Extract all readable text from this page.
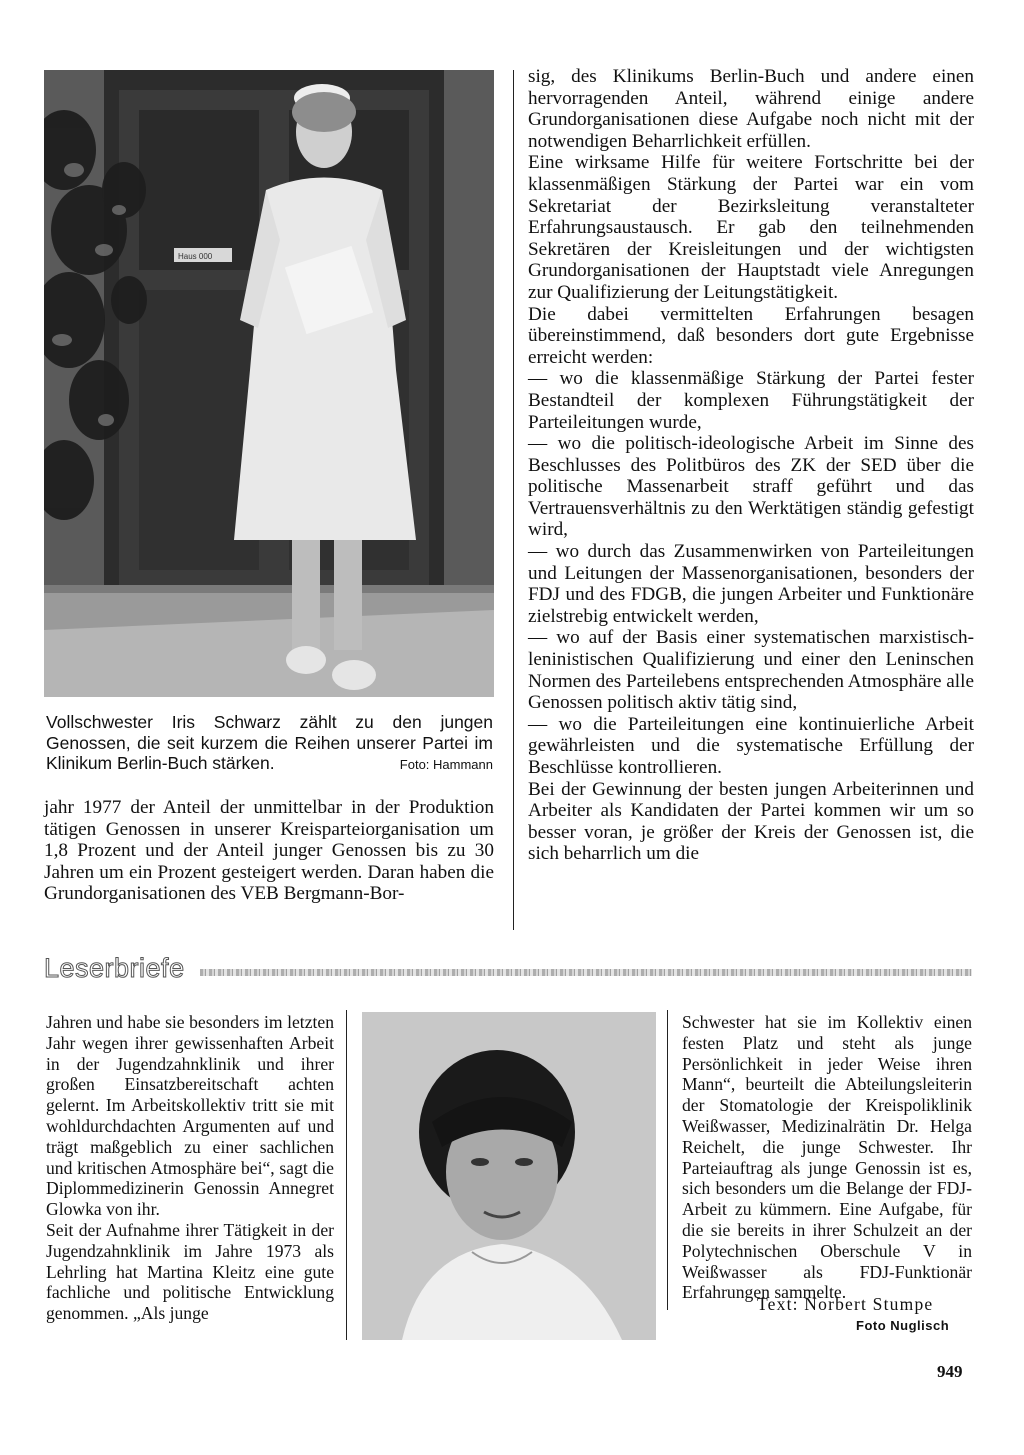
Haus 000
Vollschwester Iris Schwarz zählt zu den jungen Genossen, die seit kurzem die Reihen unserer Partei im Klinikum Berlin-Buch stärken.	Foto: Hammann

jahr 1977 der Anteil der unmittelbar in der Produktion tätigen Genossen in unserer Kreisparteiorganisation um 1,8 Prozent und der Anteil junger Genossen bis zu 30 Jahren um ein Prozent gesteigert werden. Daran haben die Grundorganisationen des VEB Bergmann-Bor-

sig, des Klinikums Berlin-Buch und andere einen hervorragenden Anteil, während einige andere Grundorganisationen diese Aufgabe noch nicht mit der notwendigen Beharrlichkeit erfüllen.

Eine wirksame Hilfe für weitere Fortschritte bei der klassenmäßigen Stärkung der Partei war ein vom Sekretariat der Bezirksleitung veranstalteter Erfahrungsaustausch. Er gab den teilnehmenden Sekretären der Kreisleitungen und der wichtigsten Grundorganisationen der Hauptstadt viele Anregungen zur Qualifizierung der Leitungstätigkeit.

Die dabei vermittelten Erfahrungen besagen übereinstimmend, daß besonders dort gute Ergebnisse erreicht werden:

— wo die klassenmäßige Stärkung der Partei fester Bestandteil der komplexen Führungstätigkeit der Parteileitungen wurde,

— wo die politisch-ideologische Arbeit im Sinne des Beschlusses des Politbüros des ZK der SED über die politische Massenarbeit straff geführt und das Vertrauensverhältnis zu den Werktätigen ständig gefestigt wird,

— wo durch das Zusammenwirken von Parteileitungen und Leitungen der Massenorganisationen, besonders der FDJ und des FDGB, die jungen Arbeiter und Funktionäre zielstrebig entwickelt werden,

— wo auf der Basis einer systematischen marxistisch-leninistischen Qualifizierung und einer den Leninschen Normen des Parteilebens entsprechenden Atmosphäre alle Genossen politisch aktiv tätig sind,

— wo die Parteileitungen eine kontinuierliche Arbeit gewährleisten und die systematische Erfüllung der Beschlüsse kontrollieren.

Bei der Gewinnung der besten jungen Arbeiterinnen und Arbeiter als Kandidaten der Partei kommen wir um so besser voran, je größer der Kreis der Genossen ist, die sich beharrlich um die

Leserbriefe

Jahren und habe sie besonders im letzten Jahr wegen ihrer gewissenhaften Arbeit in der Jugendzahnklinik und ihrer großen Einsatzbereitschaft achten gelernt. Im Arbeitskollektiv tritt sie mit wohldurchdachten Argumenten auf und trägt maßgeblich zu einer sachlichen und kritischen Atmosphäre bei“, sagt die Diplommedizinerin Genossin Annegret Glowka von ihr.

Seit der Aufnahme ihrer Tätigkeit in der Jugendzahnklinik im Jahre 1973 als Lehrling hat Martina Kleitz eine gute fachliche und politische Entwicklung genommen. „Als junge

Schwester hat sie im Kollektiv einen festen Platz und steht als junge Persönlichkeit in jeder Weise ihren Mann“, beurteilt die Abteilungsleiterin der Stomatologie der Kreispoliklinik Weißwasser, Medizinalrätin Dr. Helga Reichelt, die junge Schwester. Ihr Parteiauftrag als junge Genossin ist es, sich besonders um die Belange der FDJ-Arbeit zu kümmern. Eine Aufgabe, für die sie bereits in ihrer Schulzeit an der Polytechnischen Oberschule V in Weißwasser als FDJ-Funktionär Erfahrungen sammelte.

Text: Norbert Stumpe
Foto Nuglisch
949
